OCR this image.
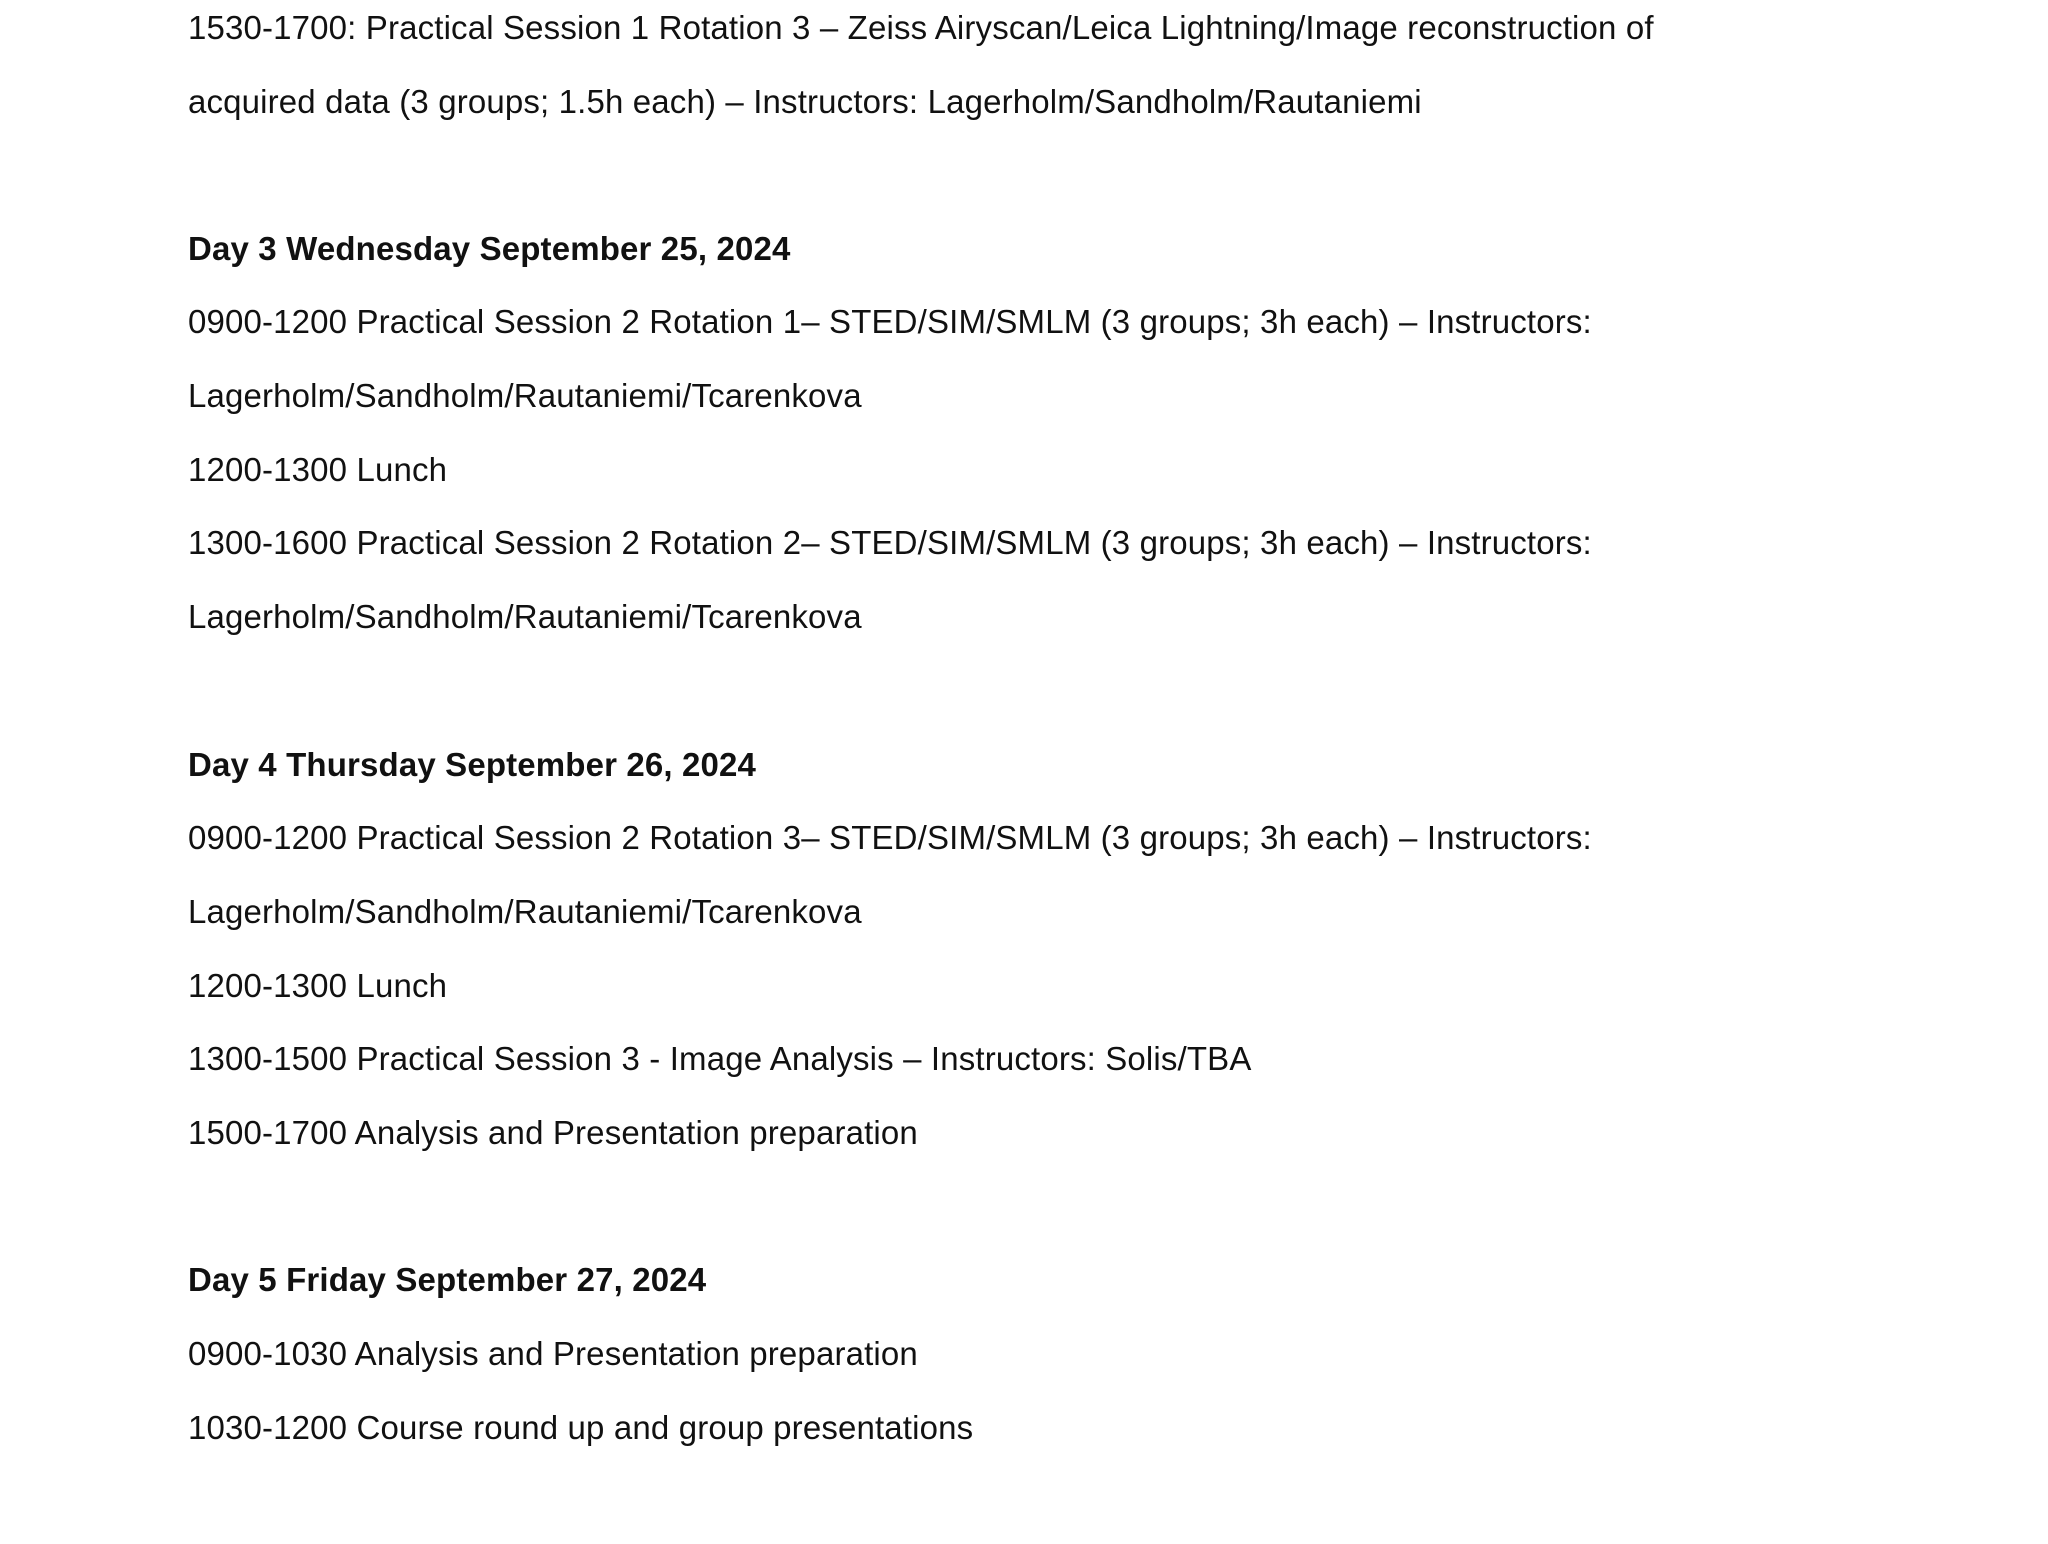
1530-1700: Practical Session 1 Rotation 3 – Zeiss Airyscan/Leica Lightning/Image reconstruction of
acquired data (3 groups; 1.5h each) – Instructors: Lagerholm/Sandholm/Rautaniemi
Day 3 Wednesday September 25, 2024
0900-1200 Practical Session 2 Rotation 1– STED/SIM/SMLM (3 groups; 3h each) – Instructors:
Lagerholm/Sandholm/Rautaniemi/Tcarenkova
1200-1300 Lunch
1300-1600 Practical Session 2 Rotation 2– STED/SIM/SMLM (3 groups; 3h each) – Instructors:
Lagerholm/Sandholm/Rautaniemi/Tcarenkova
Day 4 Thursday September 26, 2024
0900-1200 Practical Session 2 Rotation 3– STED/SIM/SMLM (3 groups; 3h each) – Instructors:
Lagerholm/Sandholm/Rautaniemi/Tcarenkova
1200-1300 Lunch
1300-1500 Practical Session 3 - Image Analysis – Instructors: Solis/TBA
1500-1700 Analysis and Presentation preparation
Day 5 Friday September 27, 2024
0900-1030 Analysis and Presentation preparation
1030-1200 Course round up and group presentations
